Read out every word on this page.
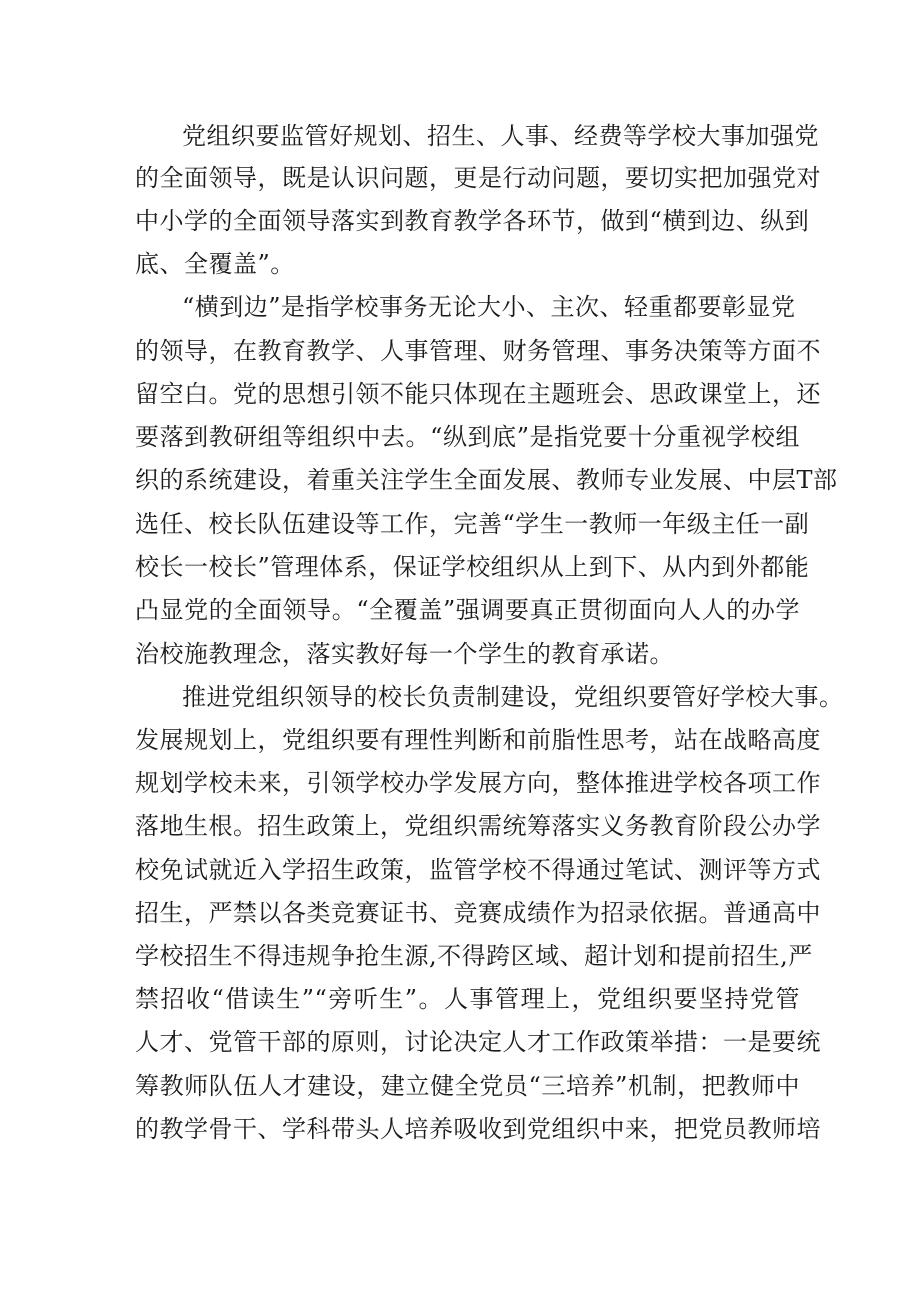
党组织要监管好规划、招生、人事、经费等学校大事加强党

的全面领导，既是认识问题，更是行动问题，要切实把加强党对

中小学的全面领导落实到教育教学各环节，做到“横到边、纵到

底、全覆盖”。

“横到边”是指学校事务无论大小、主次、轻重都要彰显党

的领导，在教育教学、人事管理、财务管理、事务决策等方面不

留空白。党的思想引领不能只体现在主题班会、思政课堂上，还

要落到教研组等组织中去。“纵到底”是指党要十分重视学校组

织的系统建设，着重关注学生全面发展、教师专业发展、中层T部

选任、校长队伍建设等工作，完善“学生一教师一年级主任一副

校长一校长”管理体系，保证学校组织从上到下、从内到外都能

凸显党的全面领导。“全覆盖”强调要真正贯彻面向人人的办学

治校施教理念，落实教好每一个学生的教育承诺。

推进党组织领导的校长负责制建设，党组织要管好学校大事。

发展规划上，党组织要有理性判断和前脂性思考，站在战略高度

规划学校未来，引领学校办学发展方向，整体推进学校各项工作

落地生根。招生政策上，党组织需统筹落实义务教育阶段公办学

校免试就近入学招生政策，监管学校不得通过笔试、测评等方式

招生，严禁以各类竞赛证书、竞赛成绩作为招录依据。普通高中

学校招生不得违规争抢生源,不得跨区域、超计划和提前招生,严

禁招收“借读生”“旁听生”。人事管理上，党组织要坚持党管

人才、党管干部的原则，讨论决定人才工作政策举措：一是要统

筹教师队伍人才建设，建立健全党员“三培养”机制，把教师中

的教学骨干、学科带头人培养吸收到党组织中来，把党员教师培
